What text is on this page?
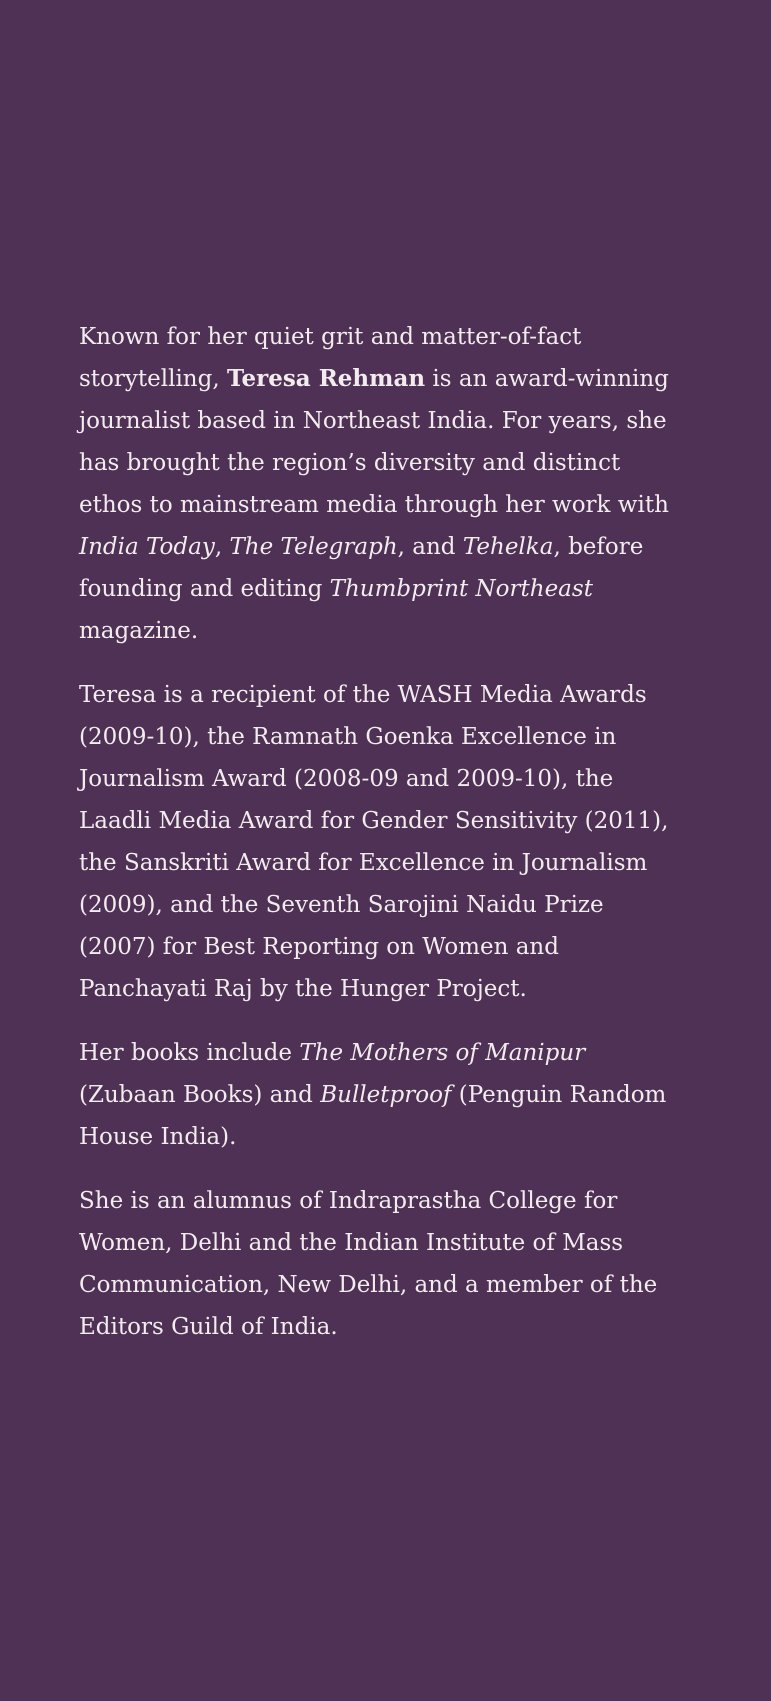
Known for her quiet grit and matter-of-fact storytelling, Teresa Rehman is an award-winning journalist based in Northeast India. For years, she has brought the region’s diversity and distinct ethos to mainstream media through her work with India Today, The Telegraph, and Tehelka, before founding and editing Thumbprint Northeast magazine.

Teresa is a recipient of the WASH Media Awards (2009-10), the Ramnath Goenka Excellence in Journalism Award (2008-09 and 2009-10), the Laadli Media Award for Gender Sensitivity (2011), the Sanskriti Award for Excellence in Journalism (2009), and the Seventh Sarojini Naidu Prize (2007) for Best Reporting on Women and Panchayati Raj by the Hunger Project.

Her books include The Mothers of Manipur (Zubaan Books) and Bulletproof (Penguin Random House India).

She is an alumnus of Indraprastha College for Women, Delhi and the Indian Institute of Mass Communication, New Delhi, and a member of the Editors Guild of India.
